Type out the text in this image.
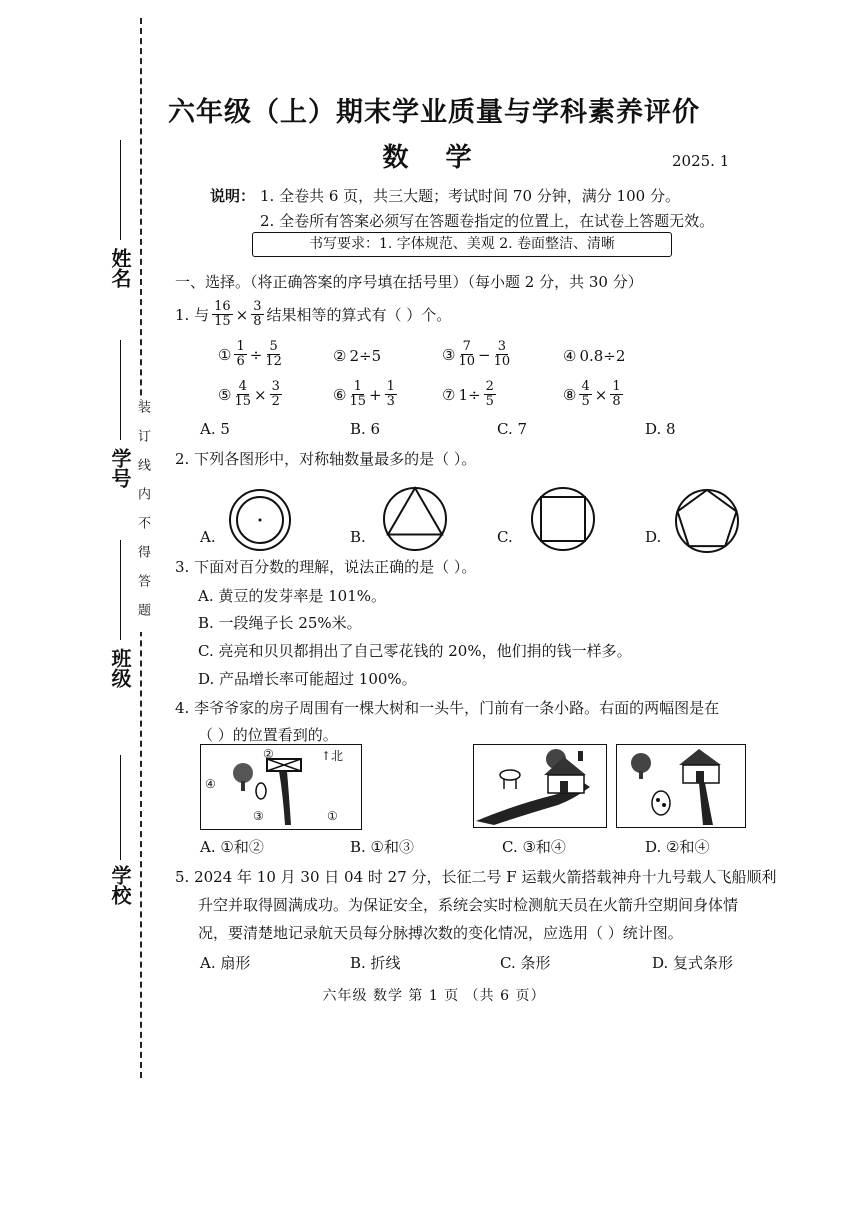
姓名
学号
班级
学校
装订线内不得答题
六年级（上）期末学业质量与学科素养评价
数 学	2025. 1
说明： 1. 全卷共 6 页，共三大题；考试时间 70 分钟，满分 100 分。
2. 全卷所有答案必须写在答题卷指定的位置上，在试卷上答题无效。
书写要求：1. 字体规范、美观 2. 卷面整洁、清晰
一、选择。（将正确答案的序号填在括号里）（每小题 2 分，共 30 分）
1. 与 $\frac{16}{15} \times \frac{3}{8}$ 结果相等的算式有（ ）个。
① $\frac{1}{6} \div \frac{5}{12}$	② 2÷5	③ $\frac{7}{10} - \frac{3}{10}$	④ 0.8÷2
⑤ $\frac{4}{15} \times \frac{3}{2}$	⑥ $\frac{1}{15} + \frac{1}{3}$	⑦ $1\div \frac{2}{5}$	⑧ $\frac{4}{5} \times \frac{1}{8}$
A. 5	B. 6	C. 7	D. 8
2. 下列各图形中，对称轴数量最多的是（ ）。
A.	B.	C.	D.
3. 下面对百分数的理解，说法正确的是（ ）。
A. 黄豆的发芽率是 101%。
B. 一段绳子长 25%米。
C. 亮亮和贝贝都捐出了自己零花钱的 20%，他们捐的钱一样多。
D. 产品增长率可能超过 100%。
4. 李爷爷家的房子周围有一棵大树和一头牛，门前有一条小路。右面的两幅图是在
（ ）的位置看到的。
②
④
③	①
↑北
A. ①和②	B. ①和③	C. ③和④	D. ②和④
5. 2024 年 10 月 30 日 04 时 27 分，长征二号 F 运载火箭搭载神舟十九号载人飞船顺利
升空并取得圆满成功。为保证安全，系统会实时检测航天员在火箭升空期间身体情
况，要清楚地记录航天员每分脉搏次数的变化情况，应选用（ ）统计图。
A. 扇形	B. 折线	C. 条形	D. 复式条形
六年级 数学 第 1 页 （共 6 页）
